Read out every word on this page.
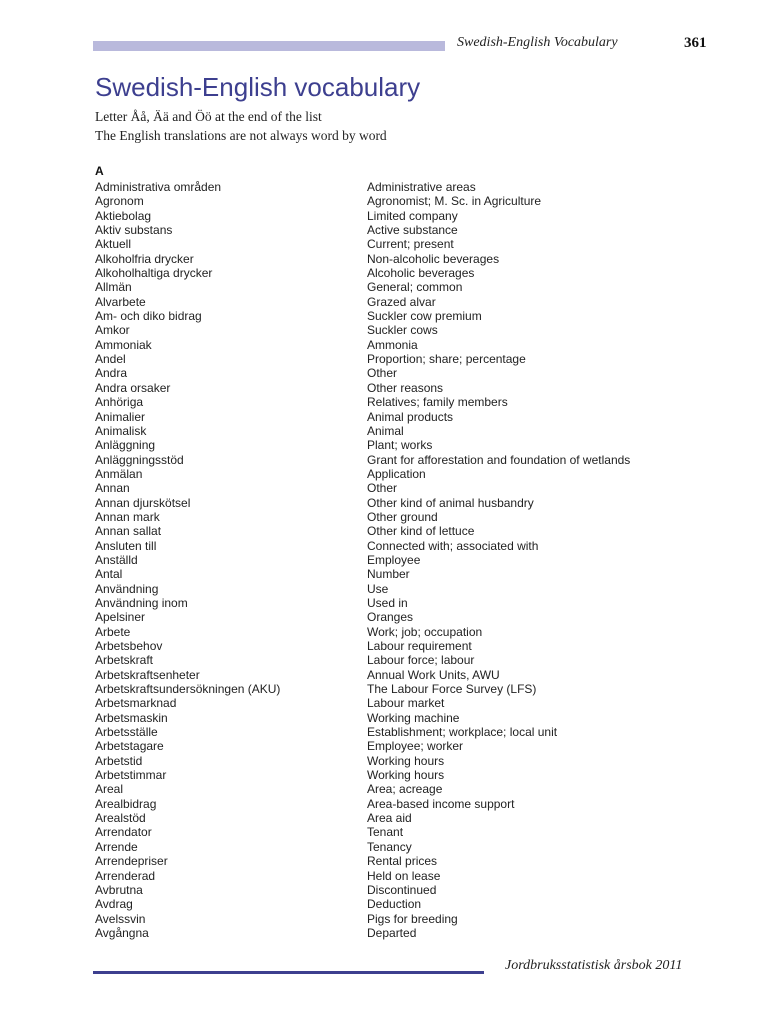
Swedish-English Vocabulary	361
Swedish-English vocabulary
Letter Åå, Ää and Öö at the end of the list
The English translations are not always word by word
A
Administrativa områden	Administrative areas
Agronom	Agronomist; M. Sc. in Agriculture
Aktiebolag	Limited company
Aktiv substans	Active substance
Aktuell	Current; present
Alkoholfria drycker	Non-alcoholic beverages
Alkoholhaltiga drycker	Alcoholic beverages
Allmän	General; common
Alvarbete	Grazed alvar
Am- och diko bidrag	Suckler cow premium
Amkor	Suckler cows
Ammoniak	Ammonia
Andel	Proportion; share; percentage
Andra	Other
Andra orsaker	Other reasons
Anhöriga	Relatives; family members
Animalier	Animal products
Animalisk	Animal
Anläggning	Plant; works
Anläggningsstöd	Grant for afforestation and foundation of wetlands
Anmälan	Application
Annan	Other
Annan djurskötsel	Other kind of animal husbandry
Annan mark	Other ground
Annan sallat	Other kind of lettuce
Ansluten till	Connected with; associated with
Anställd	Employee
Antal	Number
Användning	Use
Användning inom	Used in
Apelsiner	Oranges
Arbete	Work; job; occupation
Arbetsbehov	Labour requirement
Arbetskraft	Labour force; labour
Arbetskraftsenheter	Annual Work Units, AWU
Arbetskraftsundersökningen (AKU)	The Labour Force Survey (LFS)
Arbetsmarknad	Labour market
Arbetsmaskin	Working machine
Arbetsställe	Establishment; workplace; local unit
Arbetstagare	Employee; worker
Arbetstid	Working hours
Arbetstimmar	Working hours
Areal	Area; acreage
Arealbidrag	Area-based income support
Arealstöd	Area aid
Arrendator	Tenant
Arrende	Tenancy
Arrendepriser	Rental prices
Arrenderad	Held on lease
Avbrutna	Discontinued
Avdrag	Deduction
Avelssvin	Pigs for breeding
Avgångna	Departed
Jordbruksstatistisk årsbok 2011
